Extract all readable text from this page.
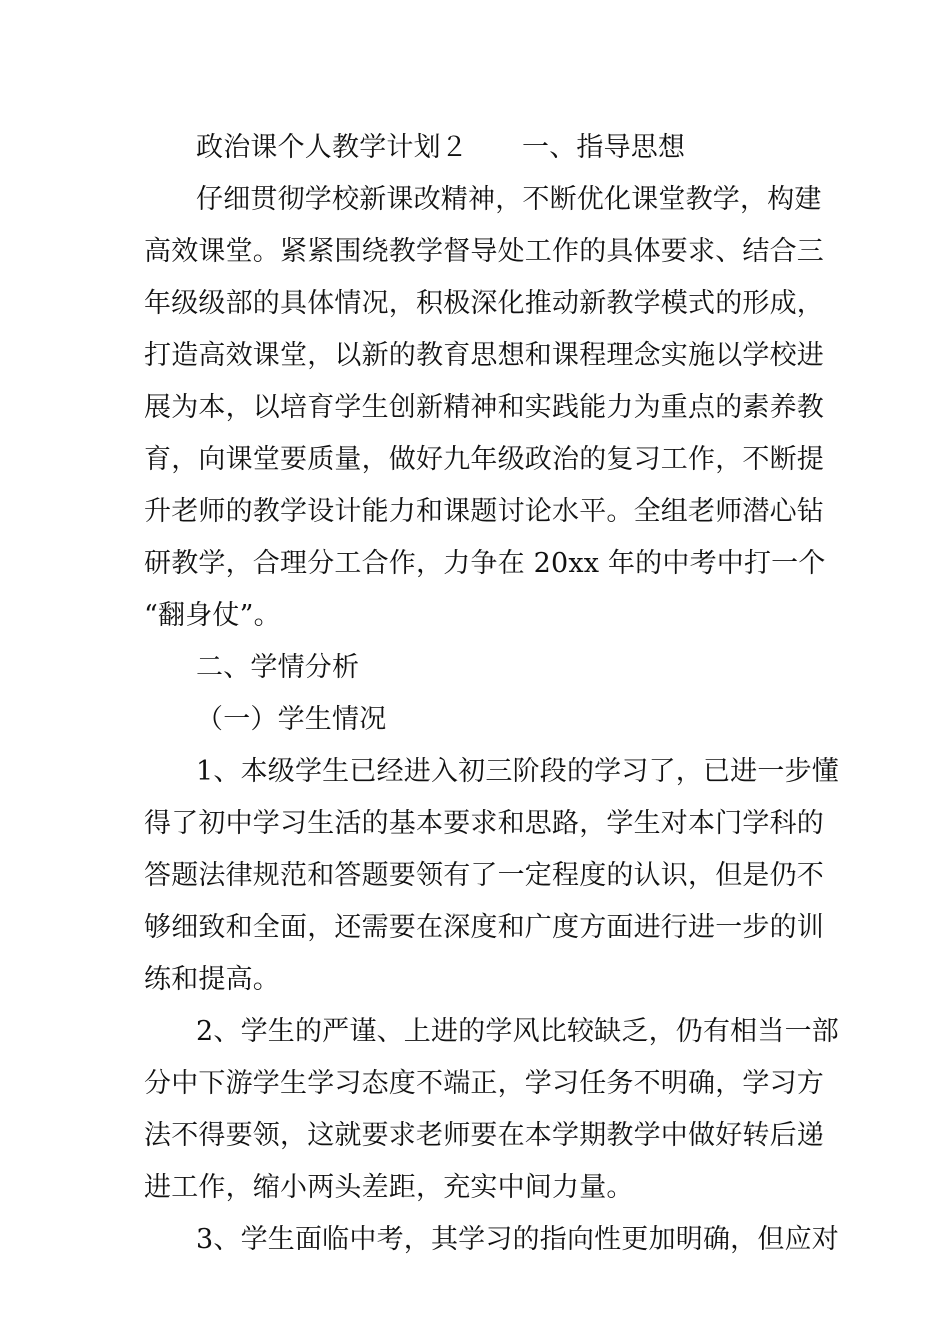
政治课个人教学计划２ 一、指导思想
仔细贯彻学校新课改精神，不断优化课堂教学，构建
高效课堂。紧紧围绕教学督导处工作的具体要求、结合三
年级级部的具体情况，积极深化推动新教学模式的形成，
打造高效课堂，以新的教育思想和课程理念实施以学校进
展为本，以培育学生创新精神和实践能力为重点的素养教
育，向课堂要质量，做好九年级政治的复习工作，不断提
升老师的教学设计能力和课题讨论水平。全组老师潜心钻
研教学，合理分工合作，力争在 20xx 年的中考中打一个
“翻身仗”。
二、学情分析
（一）学生情况
1、本级学生已经进入初三阶段的学习了，已进一步懂
得了初中学习生活的基本要求和思路，学生对本门学科的
答题法律规范和答题要领有了一定程度的认识，但是仍不
够细致和全面，还需要在深度和广度方面进行进一步的训
练和提高。
2、学生的严谨、上进的学风比较缺乏，仍有相当一部
分中下游学生学习态度不端正，学习任务不明确，学习方
法不得要领，这就要求老师要在本学期教学中做好转后递
进工作，缩小两头差距，充实中间力量。
3、学生面临中考，其学习的指向性更加明确，但应对
